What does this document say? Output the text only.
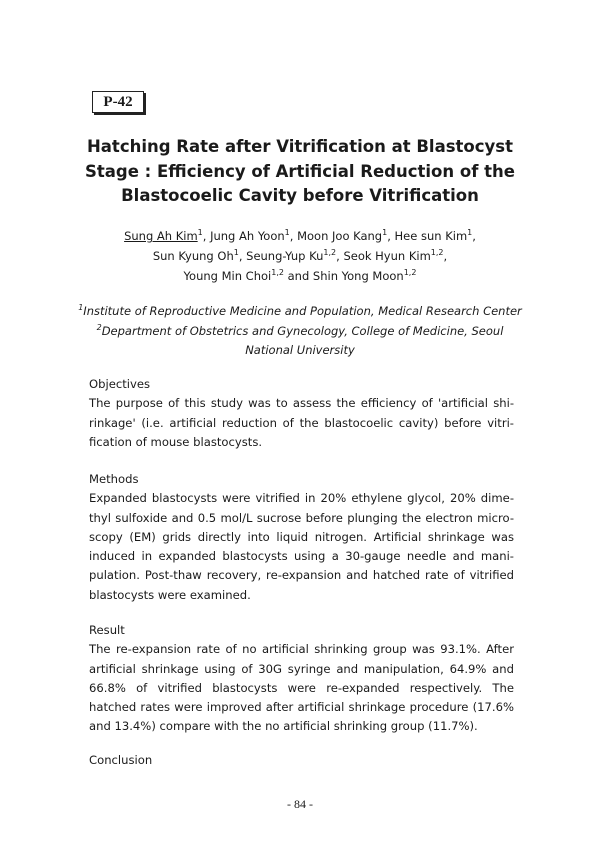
P-42
Hatching Rate after Vitrification at Blastocyst
Stage : Efficiency of Artificial Reduction of the
Blastocoelic Cavity before Vitrification
Sung Ah Kim$^1$, Jung Ah Yoon$^1$, Moon Joo Kang$^1$, Hee sun Kim$^1$,
Sun Kyung Oh$^1$, Seung-Yup Ku$^{1,2}$, Seok Hyun Kim$^{1,2}$,
Young Min Choi$^{1,2}$ and Shin Yong Moon$^{1,2}$
$^1$Institute of Reproductive Medicine and Population, Medical Research Center
$^2$Department of Obstetrics and Gynecology, College of Medicine, Seoul
National University
Objectives

The purpose of this study was to assess the efficiency of 'artificial shi-rinkage' (i.e. artificial reduction of the blastocoelic cavity) before vitri-fication of mouse blastocysts.

Methods

Expanded blastocysts were vitrified in 20% ethylene glycol, 20% dime-thyl sulfoxide and 0.5 mol/L sucrose before plunging the electron micro-scopy (EM) grids directly into liquid nitrogen. Artificial shrinkage was induced in expanded blastocysts using a 30-gauge needle and mani-pulation. Post-thaw recovery, re-expansion and hatched rate of vitrified blastocysts were examined.

Result

The re-expansion rate of no artificial shrinking group was 93.1%. After artificial shrinkage using of 30G syringe and manipulation, 64.9% and 66.8% of vitrified blastocysts were re-expanded respectively. The hatched rates were improved after artificial shrinkage procedure (17.6% and 13.4%) compare with the no artificial shrinking group (11.7%).

Conclusion
- 84 -
